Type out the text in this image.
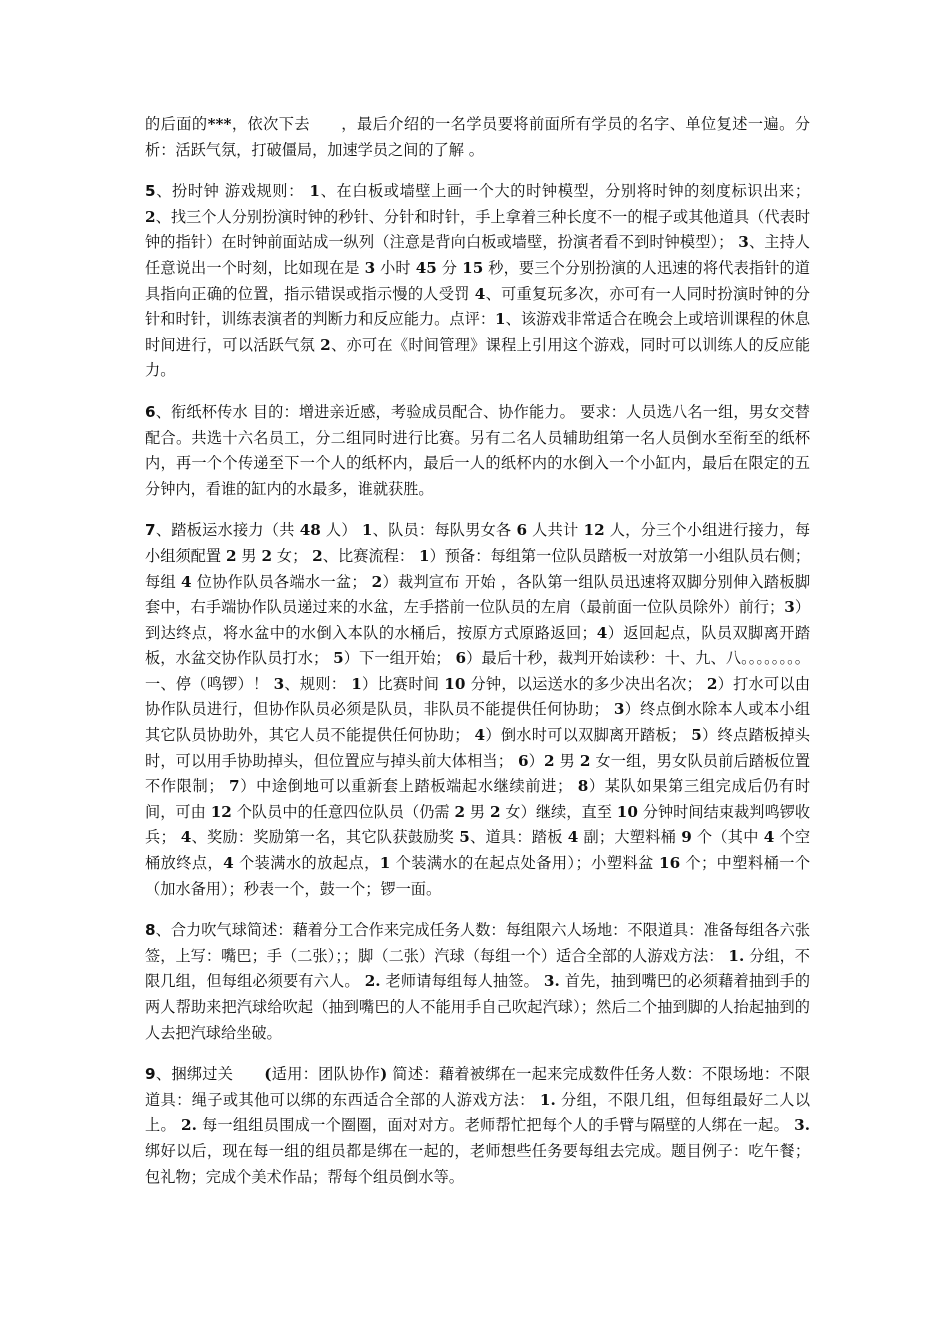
的后面的***，依次下去　　，最后介绍的一名学员要将前面所有学员的名字、单位复述一遍。分析：活跃气氛，打破僵局，加速学员之间的了解 。

5、扮时钟 游戏规则： 1、在白板或墙壁上画一个大的时钟模型，分别将时钟的刻度标识出来； 2、找三个人分别扮演时钟的秒针、分针和时针，手上拿着三种长度不一的棍子或其他道具（代表时钟的指针）在时钟前面站成一纵列（注意是背向白板或墙壁，扮演者看不到时钟模型）； 3、主持人任意说出一个时刻，比如现在是 3 小时 45 分 15 秒，要三个分别扮演的人迅速的将代表指针的道具指向正确的位置，指示错误或指示慢的人受罚 4、可重复玩多次，亦可有一人同时扮演时钟的分针和时针，训练表演者的判断力和反应能力。点评：1、该游戏非常适合在晚会上或培训课程的休息时间进行，可以活跃气氛 2、亦可在《时间管理》课程上引用这个游戏，同时可以训练人的反应能力。

6、衔纸杯传水 目的：增进亲近感，考验成员配合、协作能力。 要求：人员选八名一组，男女交替配合。共选十六名员工，分二组同时进行比赛。另有二名人员辅助组第一名人员倒水至衔至的纸杯内，再一个个传递至下一个人的纸杯内，最后一人的纸杯内的水倒入一个小缸内，最后在限定的五分钟内，看谁的缸内的水最多，谁就获胜。

7、踏板运水接力（共 48 人） 1、队员：每队男女各 6 人共计 12 人，分三个小组进行接力，每小组须配置 2 男 2 女； 2、比赛流程： 1）预备：每组第一位队员踏板一对放第一小组队员右侧；每组 4 位协作队员各端水一盆； 2）裁判宣布 开始 ，各队第一组队员迅速将双脚分别伸入踏板脚套中，右手端协作队员递过来的水盆，左手搭前一位队员的左肩（最前面一位队员除外）前行；3）到达终点，将水盆中的水倒入本队的水桶后，按原方式原路返回；4）返回起点，队员双脚离开踏板，水盆交协作队员打水； 5）下一组开始； 6）最后十秒，裁判开始读秒：十、九、八。。。。。。。。一、停（鸣锣）！ 3、规则： 1）比赛时间 10 分钟，以运送水的多少决出名次； 2）打水可以由协作队员进行，但协作队员必须是队员，非队员不能提供任何协助； 3）终点倒水除本人或本小组其它队员协助外，其它人员不能提供任何协助； 4）倒水时可以双脚离开踏板； 5）终点踏板掉头时，可以用手协助掉头，但位置应与掉头前大体相当； 6）2 男 2 女一组，男女队员前后踏板位置不作限制； 7）中途倒地可以重新套上踏板端起水继续前进； 8）某队如果第三组完成后仍有时间，可由 12 个队员中的任意四位队员（仍需 2 男 2 女）继续，直至 10 分钟时间结束裁判鸣锣收兵； 4、奖励：奖励第一名，其它队获鼓励奖 5、道具：踏板 4 副；大塑料桶 9 个（其中 4 个空桶放终点，4 个装满水的放起点，1 个装满水的在起点处备用）；小塑料盆 16 个；中塑料桶一个（加水备用）；秒表一个，鼓一个；锣一面。

8、合力吹气球简述：藉着分工合作来完成任务人数：每组限六人场地：不限道具：准备每组各六张签，上写：嘴巴；手（二张）；；脚（二张）汽球（每组一个）适合全部的人游戏方法： 1. 分组，不限几组，但每组必须要有六人。 2. 老师请每组每人抽签。 3. 首先，抽到嘴巴的必须藉着抽到手的两人帮助来把汽球给吹起（抽到嘴巴的人不能用手自己吹起汽球）；然后二个抽到脚的人抬起抽到的人去把汽球给坐破。

9、捆绑过关　　(适用：团队协作) 简述：藉着被绑在一起来完成数件任务人数：不限场地：不限道具：绳子或其他可以绑的东西适合全部的人游戏方法： 1. 分组，不限几组，但每组最好二人以上。 2. 每一组组员围成一个圈圈，面对对方。老师帮忙把每个人的手臂与隔壁的人绑在一起。 3. 绑好以后，现在每一组的组员都是绑在一起的，老师想些任务要每组去完成。题目例子：吃午餐；包礼物；完成个美术作品；帮每个组员倒水等。
